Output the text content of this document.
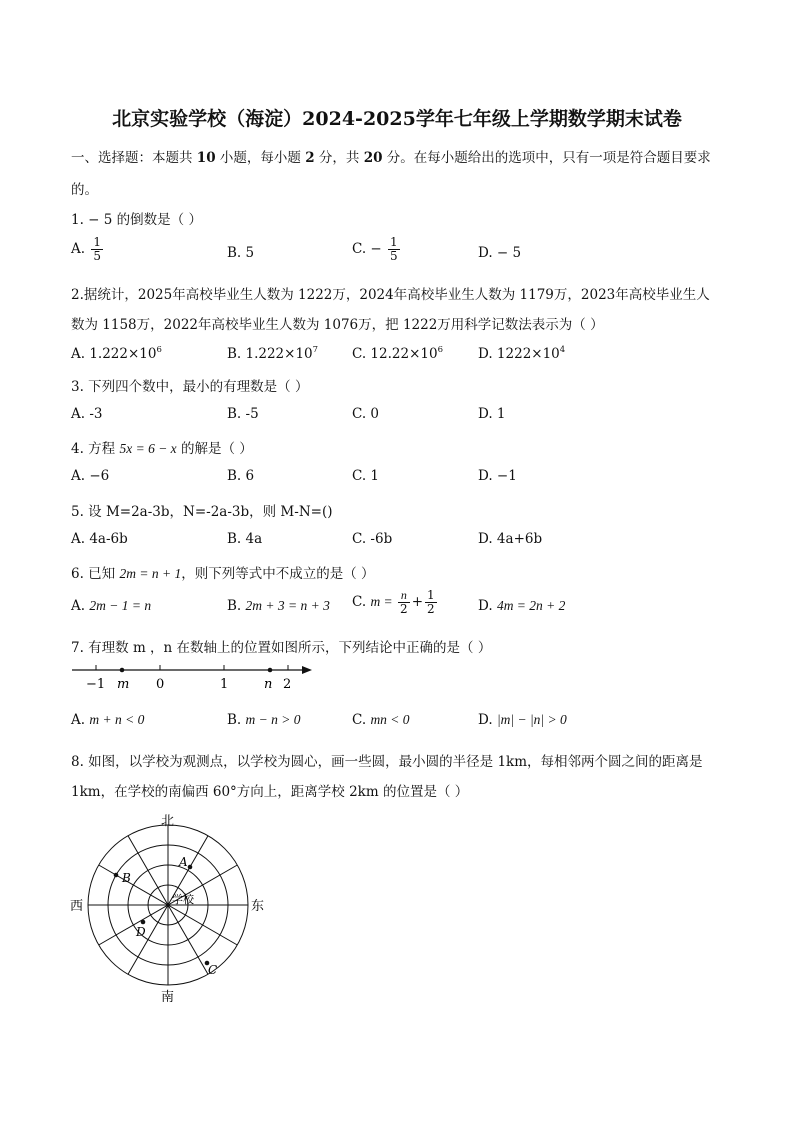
北京实验学校（海淀）2024-2025学年七年级上学期数学期末试卷
一、选择题：本题共 10 小题，每小题 2 分，共 20 分。在每小题给出的选项中，只有一项是符合题目要求
的。
1. − 5 的倒数是（ ）
A. $\frac{1}{5}$	B. 5	C. − $\frac{1}{5}$	D. − 5
2.据统计，2025年高校毕业生人数为 1222万，2024年高校毕业生人数为 1179万，2023年高校毕业生人
数为 1158万，2022年高校毕业生人数为 1076万，把 1222万用科学记数法表示为（ ）
A. $1.222\times 10^6$	B. $1.222\times 10^7$	C. $12.22\times 10^6$	D. $1222\times 10^4$
3. 下列四个数中，最小的有理数是（ ）
A. -3	B. -5	C. 0	D. 1
4. 方程 5x = 6 − x 的解是（ ）
A. −6	B. 6	C. 1	D. −1
5. 设 M=2a-3b，N=-2a-3b，则 M-N=()
A. 4a-6b	B. 4a	C. -6b	D. 4a+6b
6. 已知 2m = n + 1，则下列等式中不成立的是（ ）
A. 2m − 1 = n	B. 2m + 3 = n + 3 C. $m = \frac{n}{2} + \frac{1}{2}$	D. 4m = 2n + 2
7. 有理数 m ，n 在数轴上的位置如图所示，下列结论中正确的是（ ）
−1 m 0	1	n 2
A. m + n < 0	B. m − n > 0	C. mn < 0	D. |m| − |n| > 0
8. 如图，以学校为观测点，以学校为圆心，画一些圆，最小圆的半径是 1km，每相邻两个圆之间的距离是
1km，在学校的南偏西 60°方向上，距离学校 2km 的位置是（ ）
北
南
西	东
学校
A
B
C
D
